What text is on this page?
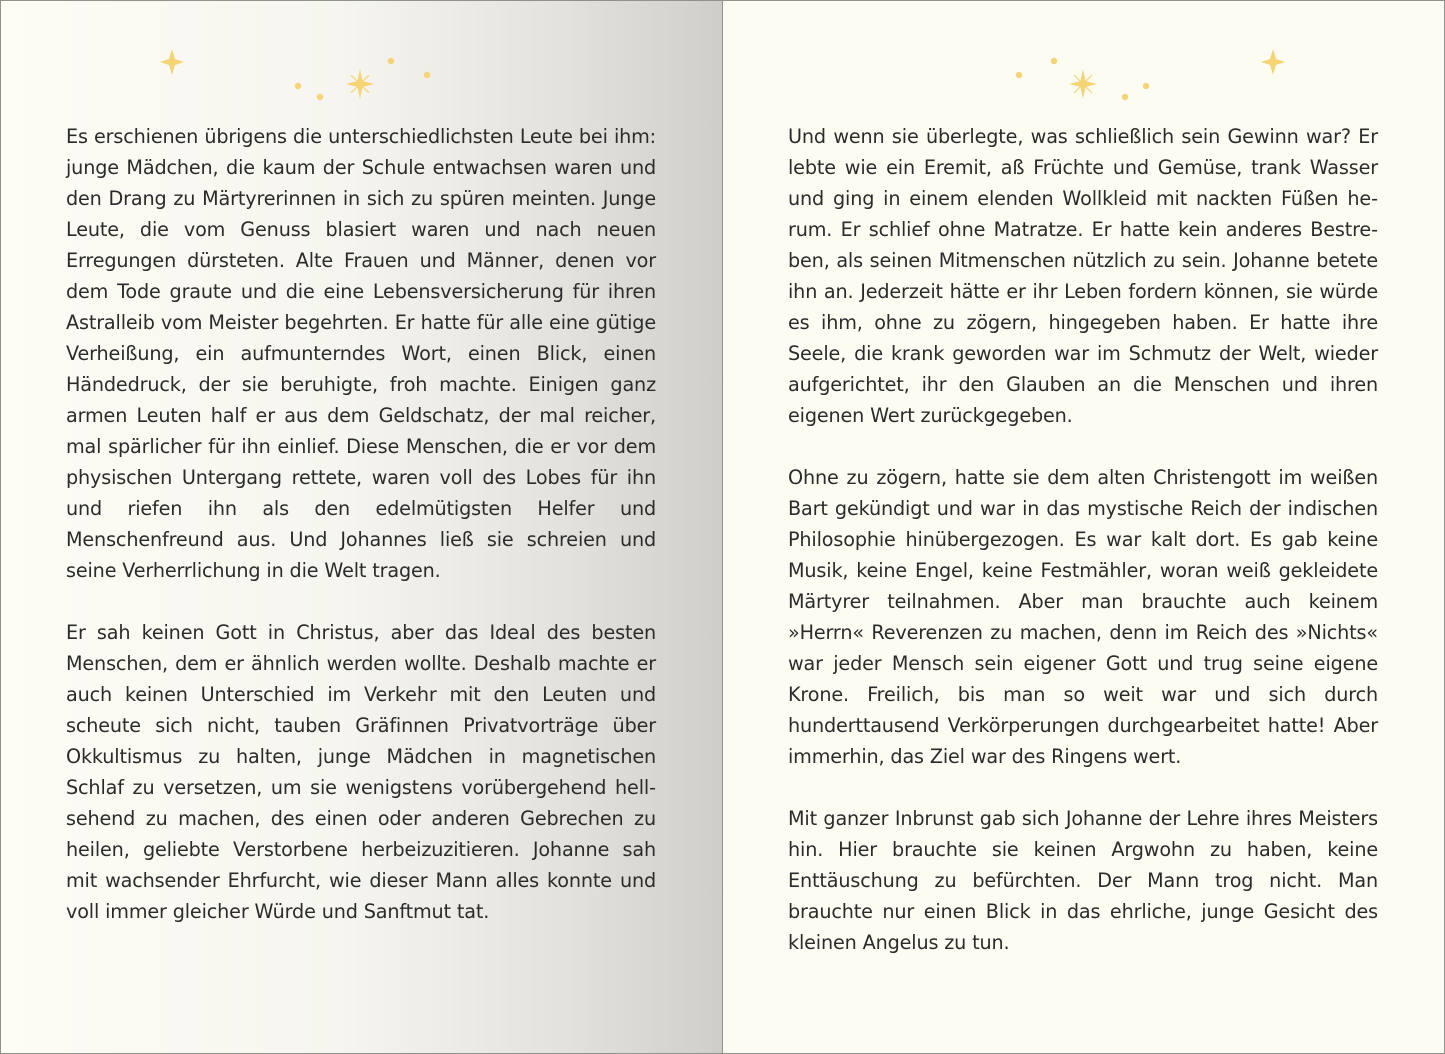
Es erschienen übrigens die unterschiedlichsten Leute bei ihm: junge Mädchen, die kaum der Schule entwachsen waren und den Drang zu Märtyrerinnen in sich zu spüren meinten. Junge Leute, die vom Genuss blasiert waren und nach neuen Erregungen dürsteten. Alte Frauen und Männer, denen vor dem Tode graute und die eine Lebensversicherung für ihren Astralleib vom Meister begehrten. Er hatte für alle eine gütige Verheißung, ein aufmunterndes Wort, einen Blick, einen Händedruck, der sie beruhigte, froh machte. Einigen ganz armen Leuten half er aus dem Geldschatz, der mal reicher, mal spärlicher für ihn einlief. Diese Menschen, die er vor dem physischen Untergang rettete, waren voll des Lobes für ihn und riefen ihn als den edelmütigsten Helfer und Menschenfreund aus. Und Johannes ließ sie schreien und seine Verherrlichung in die Welt tragen.

Er sah keinen Gott in Christus, aber das Ideal des besten Menschen, dem er ähnlich werden wollte. Deshalb machte er auch keinen Unterschied im Verkehr mit den Leuten und scheute sich nicht, tauben Gräfinnen Privatvorträge über Okkultismus zu halten, junge Mädchen in magnetischen Schlaf zu versetzen, um sie wenigstens vorübergehend hellsehend zu machen, des einen oder anderen Gebrechen zu heilen, geliebte Verstorbene herbeizuzitieren. Johanne sah mit wachsender Ehrfurcht, wie dieser Mann alles konnte und voll immer gleicher Würde und Sanftmut tat.

Und wenn sie überlegte, was schließlich sein Gewinn war? Er lebte wie ein Eremit, aß Früchte und Gemüse, trank Wasser und ging in einem elenden Wollkleid mit nackten Füßen herum. Er schlief ohne Matratze. Er hatte kein anderes Bestreben, als seinen Mitmenschen nützlich zu sein. Johanne betete ihn an. Jederzeit hätte er ihr Leben fordern können, sie würde es ihm, ohne zu zögern, hingegeben haben. Er hatte ihre Seele, die krank geworden war im Schmutz der Welt, wieder aufgerichtet, ihr den Glauben an die Menschen und ihren eigenen Wert zurückgegeben.

Ohne zu zögern, hatte sie dem alten Christengott im weißen Bart gekündigt und war in das mystische Reich der indischen Philosophie hinübergezogen. Es war kalt dort. Es gab keine Musik, keine Engel, keine Festmähler, woran weiß gekleidete Märtyrer teilnahmen. Aber man brauchte auch keinem »Herrn« Reverenzen zu machen, denn im Reich des »Nichts« war jeder Mensch sein eigener Gott und trug seine eigene Krone. Freilich, bis man so weit war und sich durch hunderttausend Verkörperungen durchgearbeitet hatte! Aber immerhin, das Ziel war des Ringens wert.

Mit ganzer Inbrunst gab sich Johanne der Lehre ihres Meisters hin. Hier brauchte sie keinen Argwohn zu haben, keine Enttäuschung zu befürchten. Der Mann trog nicht. Man brauchte nur einen Blick in das ehrliche, junge Gesicht des kleinen Angelus zu tun.
